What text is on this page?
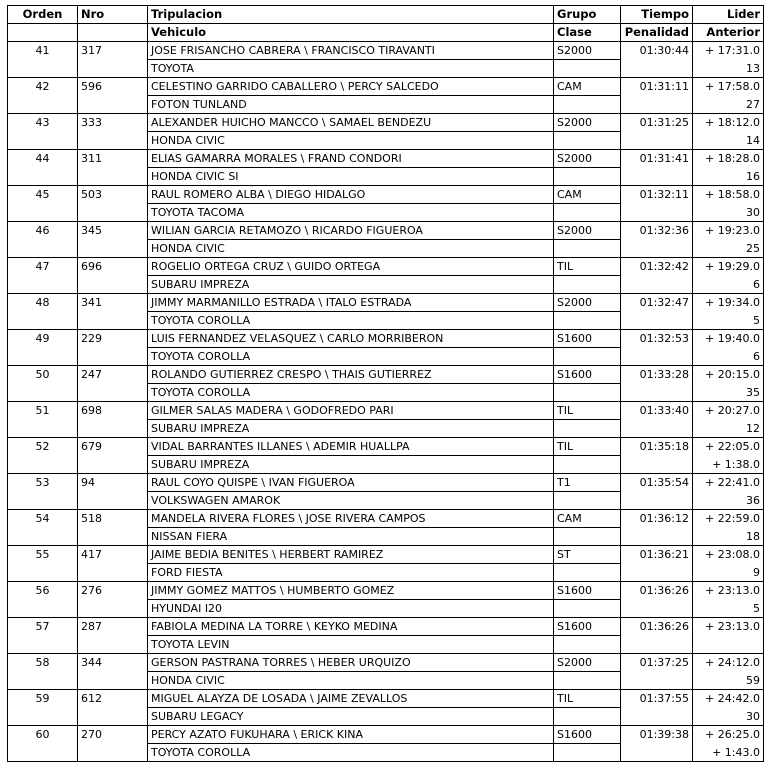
Orden	Nro	Tripulacion	Grupo	Tiempo	Lider
		Vehiculo	Clase	Penalidad	Anterior
41	317	JOSE FRISANCHO CABRERA \ FRANCISCO TIRAVANTI	S2000	01:30:44	+ 17:31.0
		TOYOTA			13
42	596	CELESTINO GARRIDO CABALLERO \ PERCY SALCEDO	CAM	01:31:11	+ 17:58.0
		FOTON TUNLAND			27
43	333	ALEXANDER HUICHO MANCCO \ SAMAEL BENDEZU	S2000	01:31:25	+ 18:12.0
		HONDA CIVIC			14
44	311	ELIAS GAMARRA MORALES \ FRAND CONDORI	S2000	01:31:41	+ 18:28.0
		HONDA CIVIC SI			16
45	503	RAUL ROMERO ALBA \ DIEGO HIDALGO	CAM	01:32:11	+ 18:58.0
		TOYOTA TACOMA			30
46	345	WILIAN GARCIA RETAMOZO \ RICARDO FIGUEROA	S2000	01:32:36	+ 19:23.0
		HONDA CIVIC			25
47	696	ROGELIO ORTEGA CRUZ \ GUIDO ORTEGA	TIL	01:32:42	+ 19:29.0
		SUBARU IMPREZA			6
48	341	JIMMY MARMANILLO ESTRADA \ ITALO ESTRADA	S2000	01:32:47	+ 19:34.0
		TOYOTA COROLLA			5
49	229	LUIS FERNANDEZ VELASQUEZ \ CARLO MORRIBERON	S1600	01:32:53	+ 19:40.0
		TOYOTA COROLLA			6
50	247	ROLANDO GUTIERREZ CRESPO \ THAIS GUTIERREZ	S1600	01:33:28	+ 20:15.0
		TOYOTA COROLLA			35
51	698	GILMER SALAS MADERA \ GODOFREDO PARI	TIL	01:33:40	+ 20:27.0
		SUBARU IMPREZA			12
52	679	VIDAL BARRANTES ILLANES \ ADEMIR HUALLPA	TIL	01:35:18	+ 22:05.0
		SUBARU IMPREZA			+ 1:38.0
53	94	RAUL COYO QUISPE \ IVAN FIGUEROA	T1	01:35:54	+ 22:41.0
		VOLKSWAGEN AMAROK			36
54	518	MANDELA RIVERA FLORES \ JOSE RIVERA CAMPOS	CAM	01:36:12	+ 22:59.0
		NISSAN FIERA			18
55	417	JAIME BEDIA BENITES \ HERBERT RAMIREZ	ST	01:36:21	+ 23:08.0
		FORD FIESTA			9
56	276	JIMMY GOMEZ MATTOS \ HUMBERTO GOMEZ	S1600	01:36:26	+ 23:13.0
		HYUNDAI I20			5
57	287	FABIOLA MEDINA LA TORRE \ KEYKO MEDINA	S1600	01:36:26	+ 23:13.0
		TOYOTA LEVIN			
58	344	GERSON PASTRANA TORRES \ HEBER URQUIZO	S2000	01:37:25	+ 24:12.0
		HONDA CIVIC			59
59	612	MIGUEL ALAYZA DE LOSADA \ JAIME ZEVALLOS	TIL	01:37:55	+ 24:42.0
		SUBARU LEGACY			30
60	270	PERCY AZATO FUKUHARA \ ERICK KINA	S1600	01:39:38	+ 26:25.0
		TOYOTA COROLLA			+ 1:43.0
